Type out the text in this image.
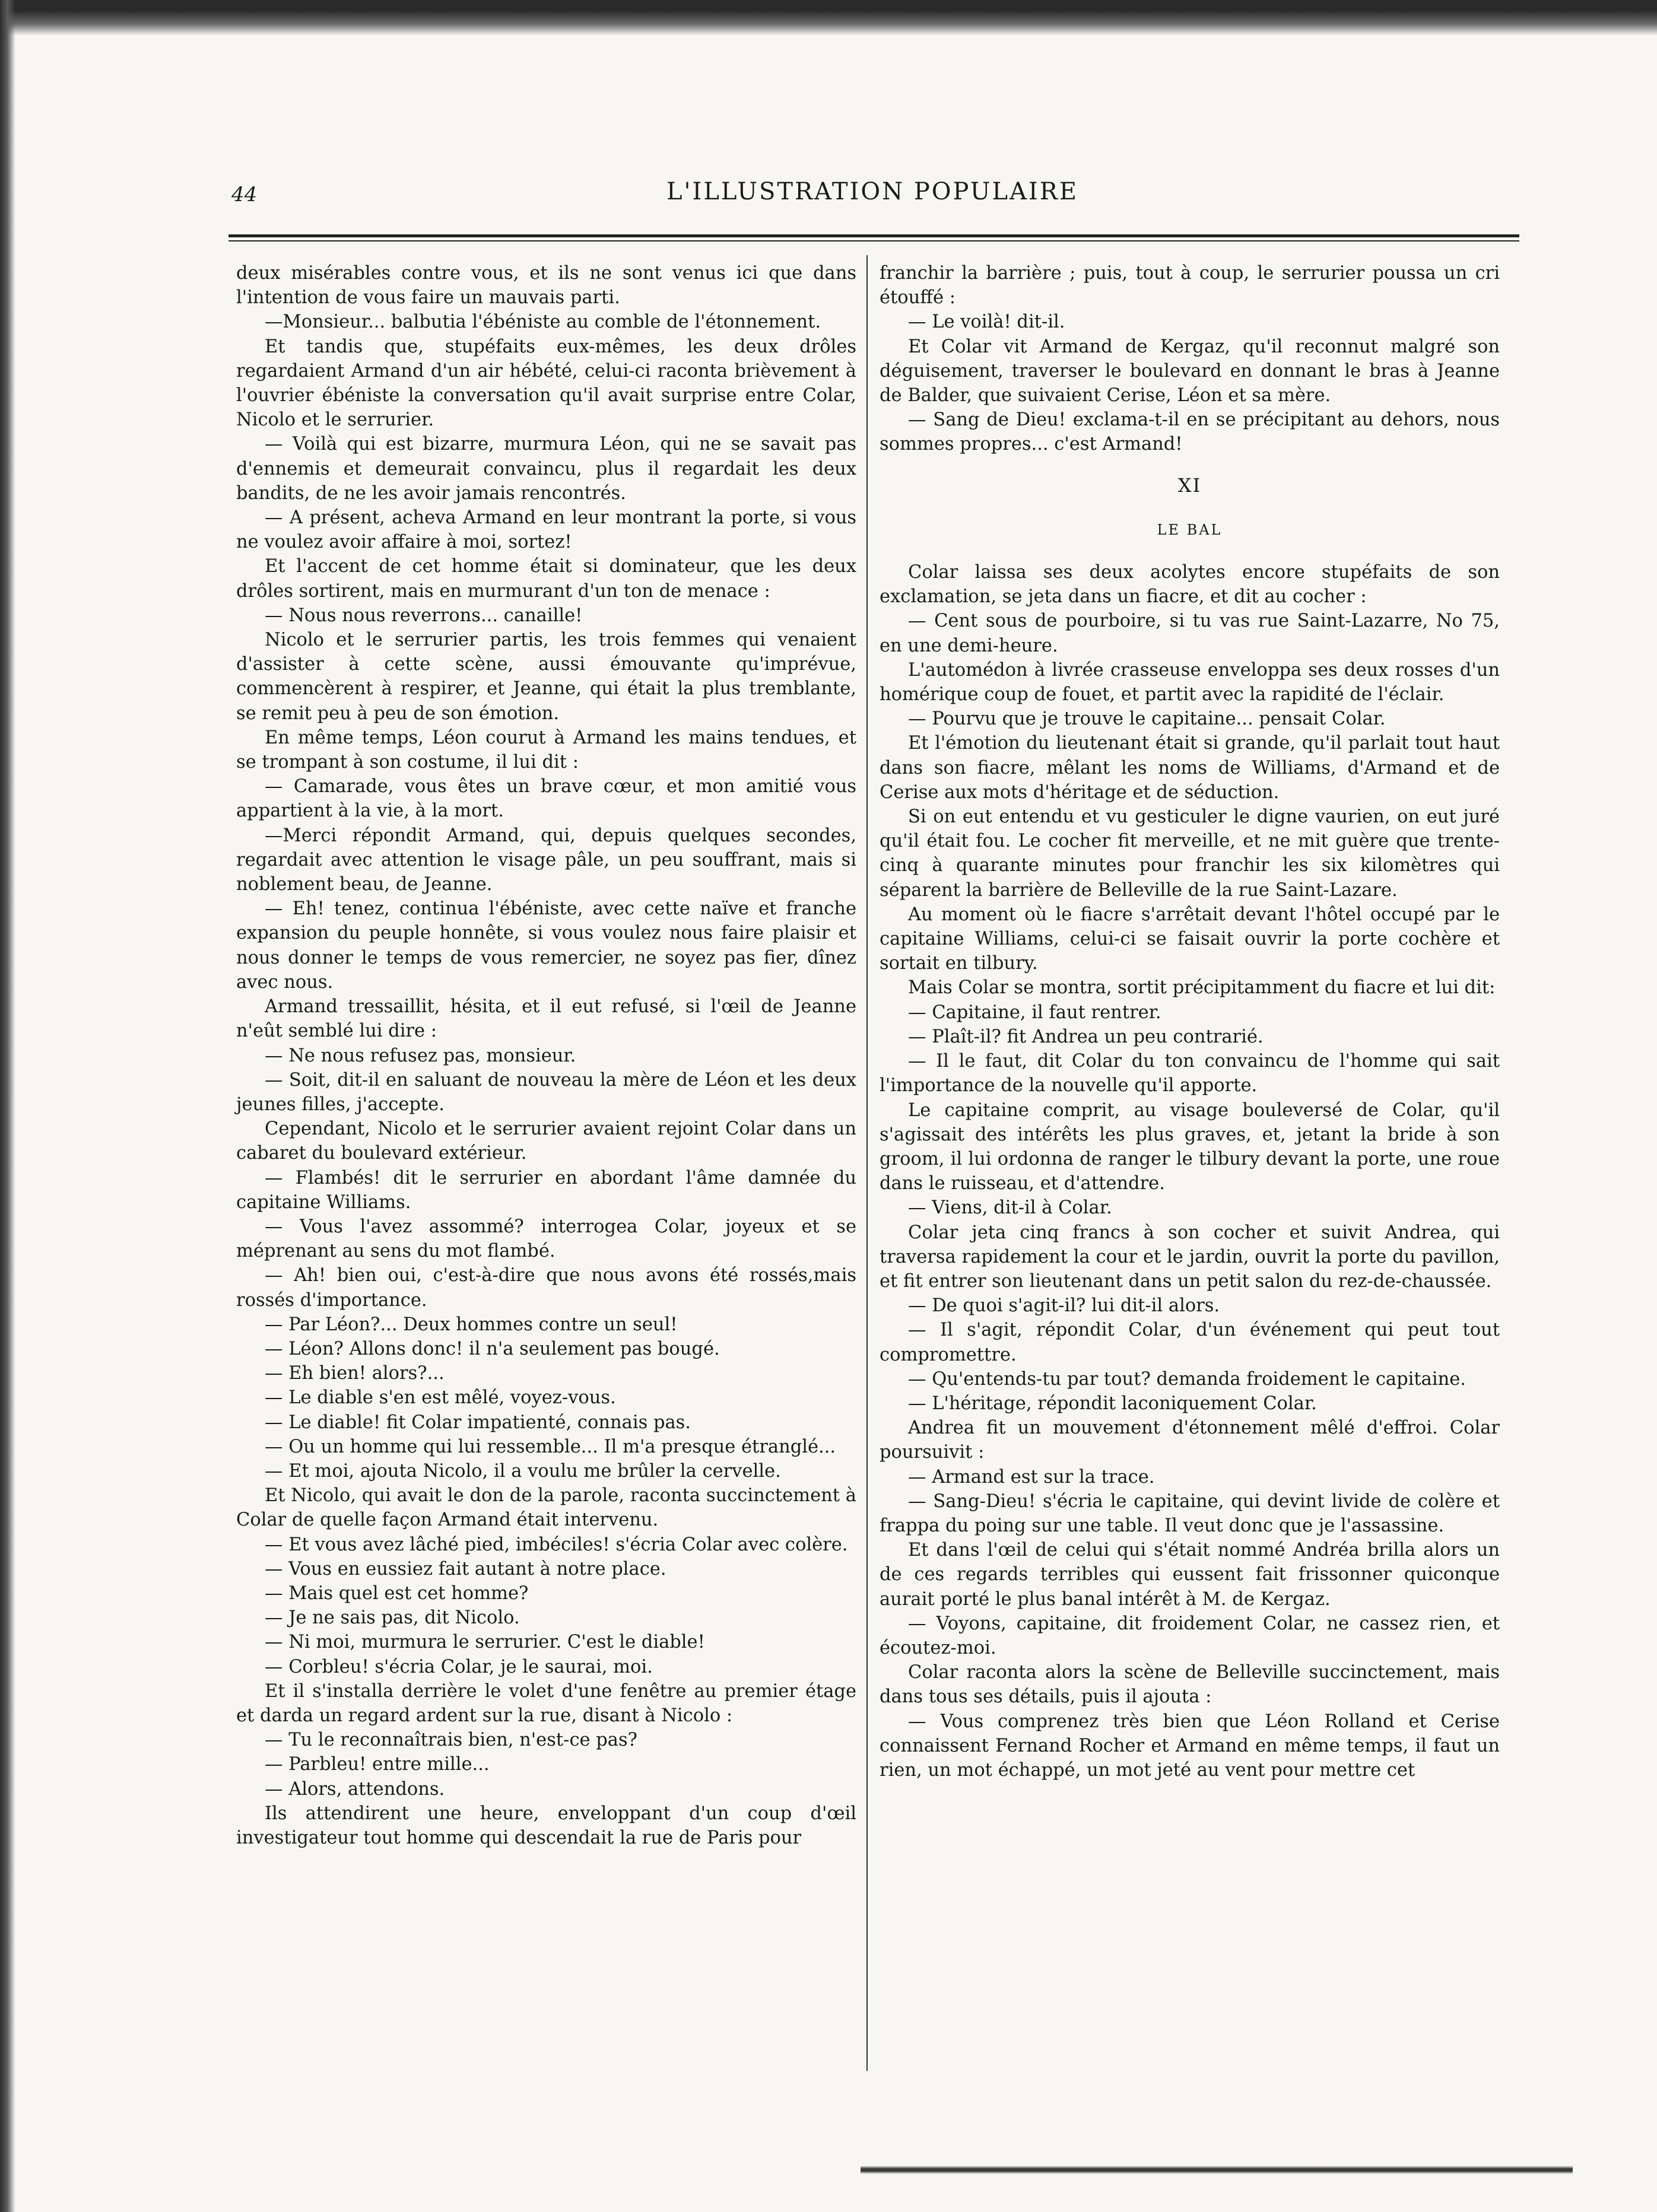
44	L'ILLUSTRATION POPULAIRE

deux misérables contre vous, et ils ne sont venus ici que dans l'intention de vous faire un mauvais parti.

—Monsieur... balbutia l'ébéniste au comble de l'étonnement.

Et tandis que, stupéfaits eux-mêmes, les deux drôles regardaient Armand d'un air hébété, celui-ci raconta brièvement à l'ouvrier ébéniste la conversation qu'il avait surprise entre Colar, Nicolo et le serrurier.

— Voilà qui est bizarre, murmura Léon, qui ne se savait pas d'ennemis et demeurait convaincu, plus il regardait les deux bandits, de ne les avoir jamais rencontrés.

— A présent, acheva Armand en leur montrant la porte, si vous ne voulez avoir affaire à moi, sortez!

Et l'accent de cet homme était si dominateur, que les deux drôles sortirent, mais en murmurant d'un ton de menace :

— Nous nous reverrons... canaille!

Nicolo et le serrurier partis, les trois femmes qui venaient d'assister à cette scène, aussi émouvante qu'imprévue, commencèrent à respirer, et Jeanne, qui était la plus tremblante, se remit peu à peu de son émotion.

En même temps, Léon courut à Armand les mains tendues, et se trompant à son costume, il lui dit :

— Camarade, vous êtes un brave cœur, et mon amitié vous appartient à la vie, à la mort.

—Merci répondit Armand, qui, depuis quelques secondes, regardait avec attention le visage pâle, un peu souffrant, mais si noblement beau, de Jeanne.

— Eh! tenez, continua l'ébéniste, avec cette naïve et franche expansion du peuple honnête, si vous voulez nous faire plaisir et nous donner le temps de vous remercier, ne soyez pas fier, dînez avec nous.

Armand tressaillit, hésita, et il eut refusé, si l'œil de Jeanne n'eût semblé lui dire :

— Ne nous refusez pas, monsieur.

— Soit, dit-il en saluant de nouveau la mère de Léon et les deux jeunes filles, j'accepte.

Cependant, Nicolo et le serrurier avaient rejoint Colar dans un cabaret du boulevard extérieur.

— Flambés! dit le serrurier en abordant l'âme damnée du capitaine Williams.

— Vous l'avez assommé? interrogea Colar, joyeux et se méprenant au sens du mot flambé.

— Ah! bien oui, c'est-à-dire que nous avons été rossés,mais rossés d'importance.

— Par Léon?... Deux hommes contre un seul!

— Léon? Allons donc! il n'a seulement pas bougé.

— Eh bien! alors?...

— Le diable s'en est mêlé, voyez-vous.

— Le diable! fit Colar impatienté, connais pas.

— Ou un homme qui lui ressemble... Il m'a presque étranglé...

— Et moi, ajouta Nicolo, il a voulu me brûler la cervelle.

Et Nicolo, qui avait le don de la parole, raconta succinctement à Colar de quelle façon Armand était intervenu.

— Et vous avez lâché pied, imbéciles! s'écria Colar avec colère.

— Vous en eussiez fait autant à notre place.

— Mais quel est cet homme?

— Je ne sais pas, dit Nicolo.

— Ni moi, murmura le serrurier. C'est le diable!

— Corbleu! s'écria Colar, je le saurai, moi.

Et il s'installa derrière le volet d'une fenêtre au premier étage et darda un regard ardent sur la rue, disant à Nicolo :

— Tu le reconnaîtrais bien, n'est-ce pas?

— Parbleu! entre mille...

— Alors, attendons.

Ils attendirent une heure, enveloppant d'un coup d'œil investigateur tout homme qui descendait la rue de Paris pour

franchir la barrière ; puis, tout à coup, le serrurier poussa un cri étouffé :

— Le voilà! dit-il.

Et Colar vit Armand de Kergaz, qu'il reconnut malgré son déguisement, traverser le boulevard en donnant le bras à Jeanne de Balder, que suivaient Cerise, Léon et sa mère.

— Sang de Dieu! exclama-t-il en se précipitant au dehors, nous sommes propres... c'est Armand!

XI

LE BAL

Colar laissa ses deux acolytes encore stupéfaits de son exclamation, se jeta dans un fiacre, et dit au cocher :

— Cent sous de pourboire, si tu vas rue Saint-Lazarre, No 75, en une demi-heure.

L'automédon à livrée crasseuse enveloppa ses deux rosses d'un homérique coup de fouet, et partit avec la rapidité de l'éclair.

— Pourvu que je trouve le capitaine... pensait Colar.

Et l'émotion du lieutenant était si grande, qu'il parlait tout haut dans son fiacre, mêlant les noms de Williams, d'Armand et de Cerise aux mots d'héritage et de séduction.

Si on eut entendu et vu gesticuler le digne vaurien, on eut juré qu'il était fou. Le cocher fit merveille, et ne mit guère que trente-cinq à quarante minutes pour franchir les six kilomètres qui séparent la barrière de Belleville de la rue Saint-Lazare.

Au moment où le fiacre s'arrêtait devant l'hôtel occupé par le capitaine Williams, celui-ci se faisait ouvrir la porte cochère et sortait en tilbury.

Mais Colar se montra, sortit précipitamment du fiacre et lui dit:

— Capitaine, il faut rentrer.

— Plaît-il? fit Andrea un peu contrarié.

— Il le faut, dit Colar du ton convaincu de l'homme qui sait l'importance de la nouvelle qu'il apporte.

Le capitaine comprit, au visage bouleversé de Colar, qu'il s'agissait des intérêts les plus graves, et, jetant la bride à son groom, il lui ordonna de ranger le tilbury devant la porte, une roue dans le ruisseau, et d'attendre.

— Viens, dit-il à Colar.

Colar jeta cinq francs à son cocher et suivit Andrea, qui traversa rapidement la cour et le jardin, ouvrit la porte du pavillon, et fit entrer son lieutenant dans un petit salon du rez-de-chaussée.

— De quoi s'agit-il? lui dit-il alors.

— Il s'agit, répondit Colar, d'un événement qui peut tout compromettre.

— Qu'entends-tu par tout? demanda froidement le capitaine.

— L'héritage, répondit laconiquement Colar.

Andrea fit un mouvement d'étonnement mêlé d'effroi. Colar poursuivit :

— Armand est sur la trace.

— Sang-Dieu! s'écria le capitaine, qui devint livide de colère et frappa du poing sur une table. Il veut donc que je l'assassine.

Et dans l'œil de celui qui s'était nommé Andréa brilla alors un de ces regards terribles qui eussent fait frissonner quiconque aurait porté le plus banal intérêt à M. de Kergaz.

— Voyons, capitaine, dit froidement Colar, ne cassez rien, et écoutez-moi.

Colar raconta alors la scène de Belleville succinctement, mais dans tous ses détails, puis il ajouta :

— Vous comprenez très bien que Léon Rolland et Cerise connaissent Fernand Rocher et Armand en même temps, il faut un rien, un mot échappé, un mot jeté au vent pour mettre cet
